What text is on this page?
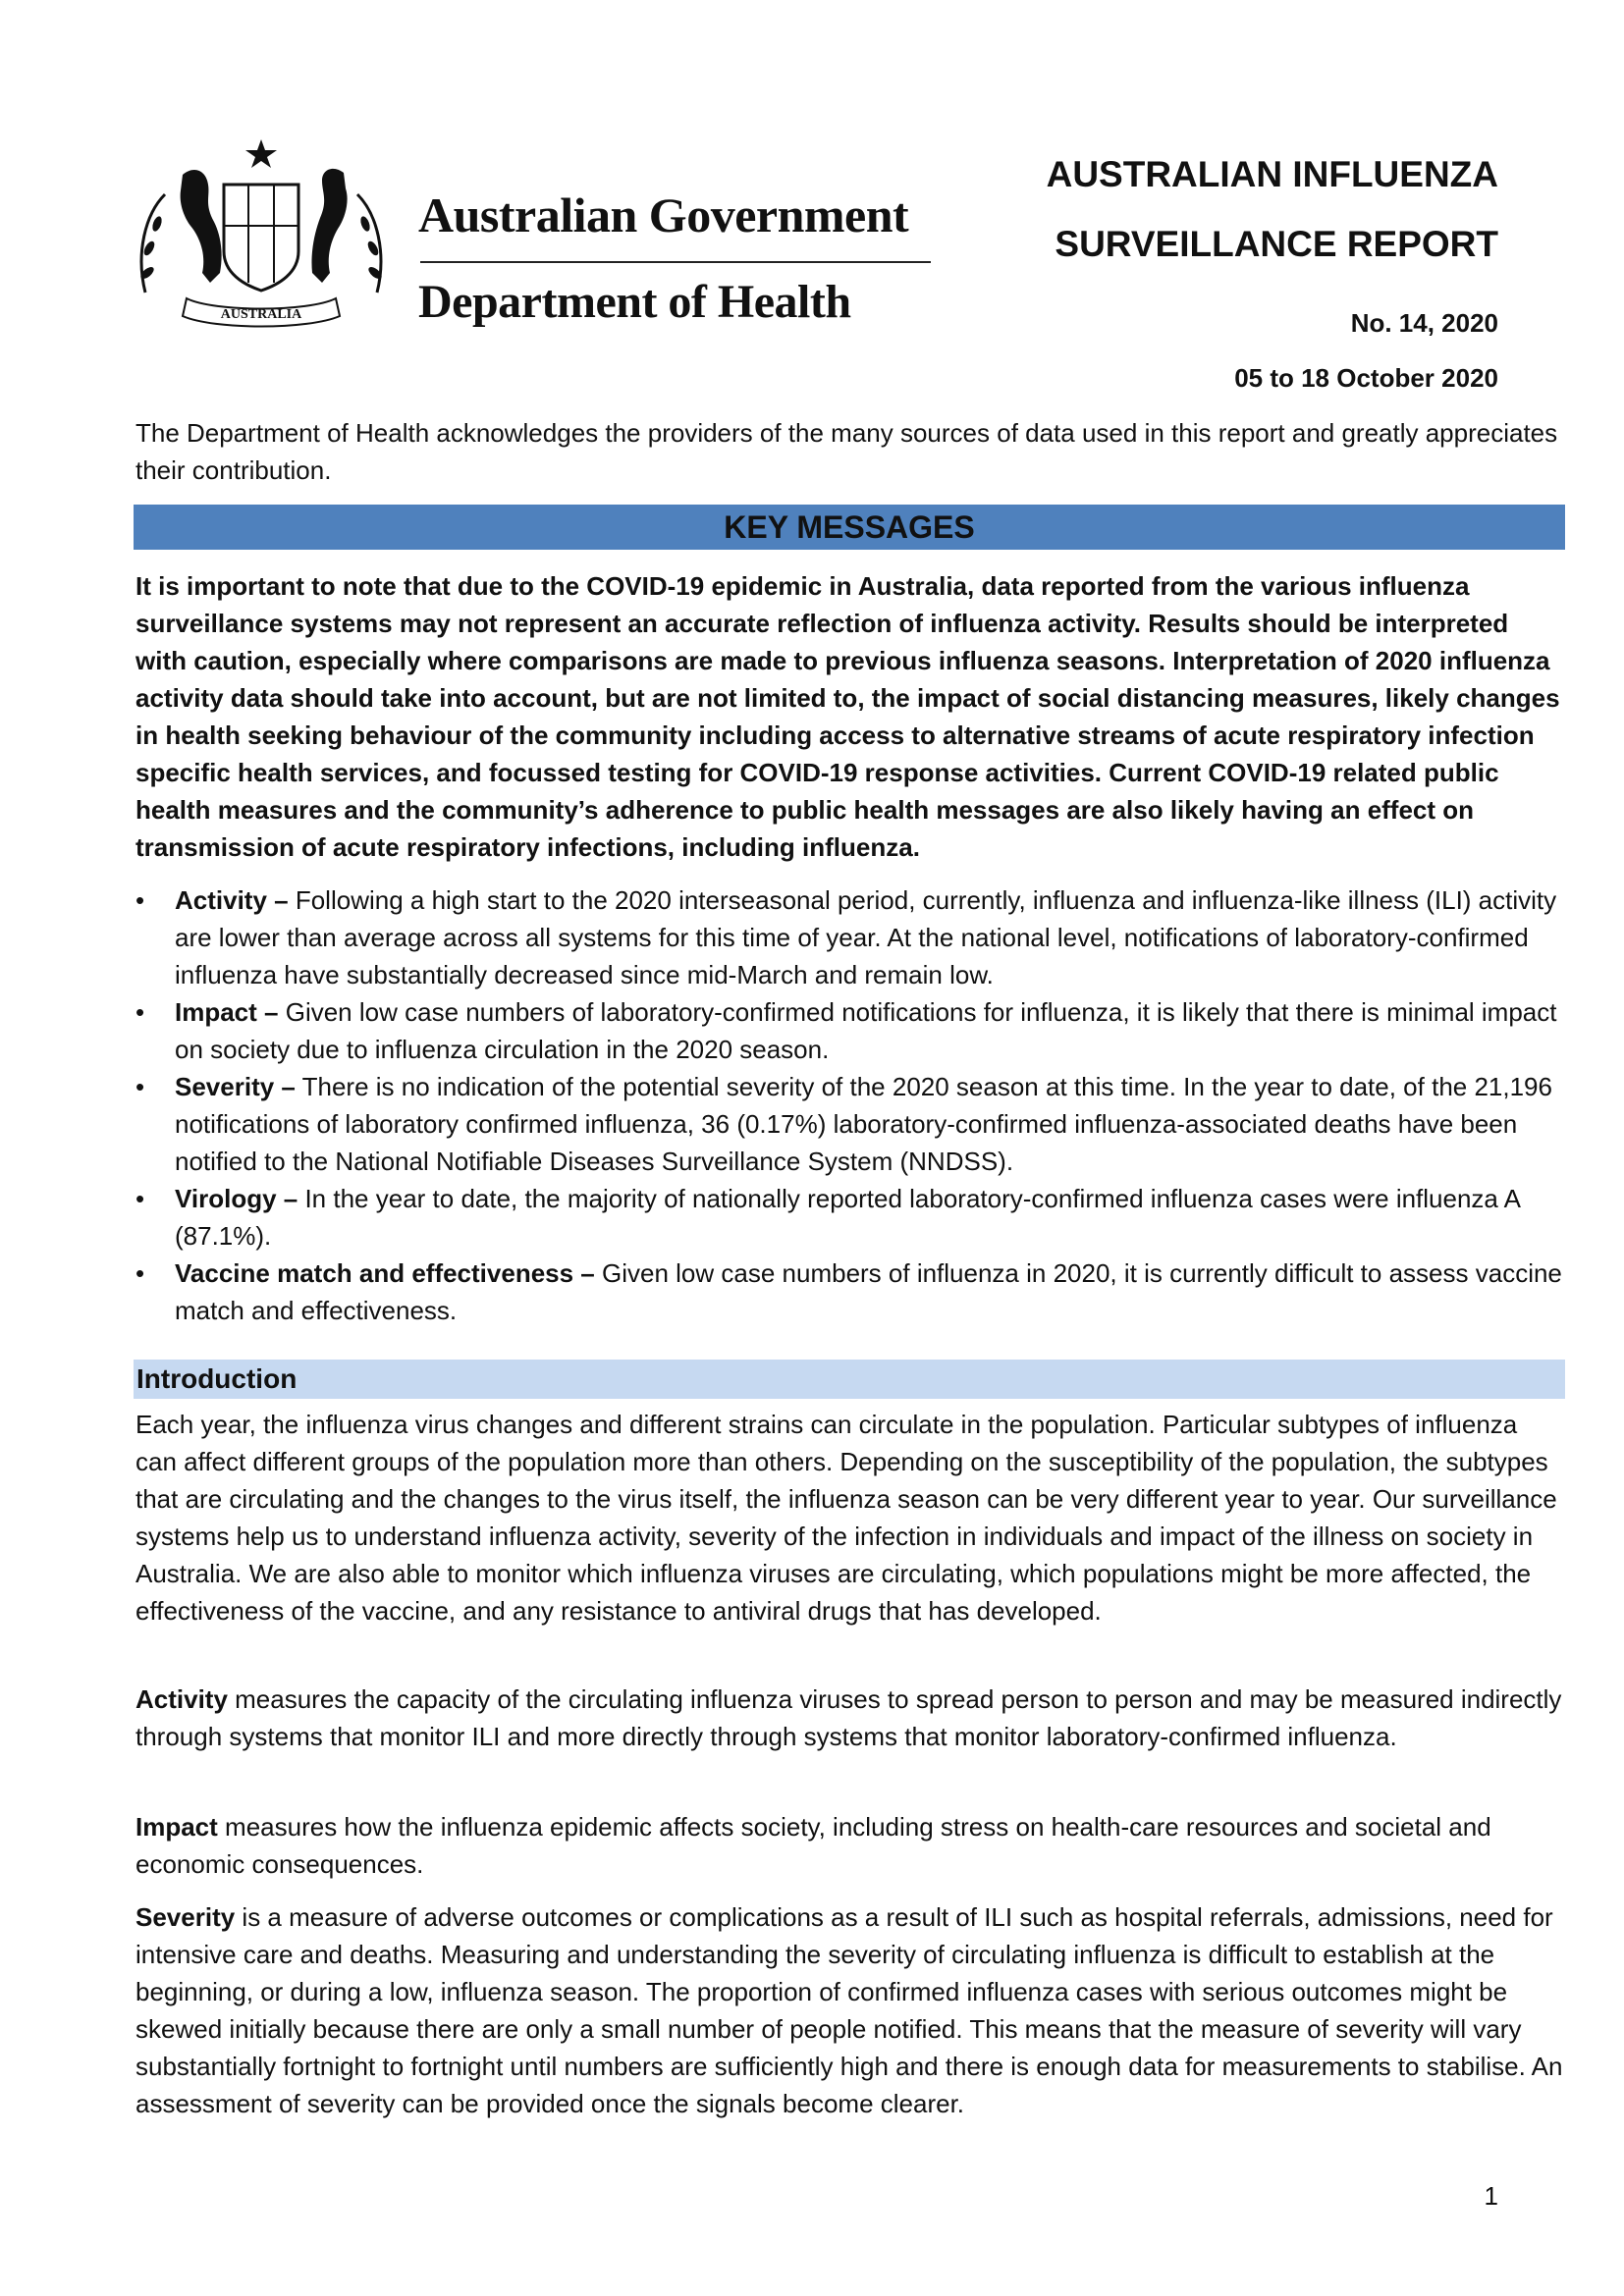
AUSTRALIA
Australian Government
Department of Health
AUSTRALIAN INFLUENZA
SURVEILLANCE REPORT
No. 14, 2020
05 to 18 October 2020
The Department of Health acknowledges the providers of the many sources of data used in this report and greatly appreciates their contribution.
KEY MESSAGES
It is important to note that due to the COVID-19 epidemic in Australia, data reported from the various influenza surveillance systems may not represent an accurate reflection of influenza activity. Results should be interpreted with caution, especially where comparisons are made to previous influenza seasons. Interpretation of 2020 influenza activity data should take into account, but are not limited to, the impact of social distancing measures, likely changes in health seeking behaviour of the community including access to alternative streams of acute respiratory infection specific health services, and focussed testing for COVID-19 response activities. Current COVID-19 related public health measures and the community’s adherence to public health messages are also likely having an effect on transmission of acute respiratory infections, including influenza.
• Activity – Following a high start to the 2020 interseasonal period, currently, influenza and influenza-like illness (ILI) activity are lower than average across all systems for this time of year. At the national level, notifications of laboratory-confirmed influenza have substantially decreased since mid-March and remain low.
• Impact – Given low case numbers of laboratory-confirmed notifications for influenza, it is likely that there is minimal impact on society due to influenza circulation in the 2020 season.
• Severity – There is no indication of the potential severity of the 2020 season at this time. In the year to date, of the 21,196 notifications of laboratory confirmed influenza, 36 (0.17%) laboratory-confirmed influenza-associated deaths have been notified to the National Notifiable Diseases Surveillance System (NNDSS).
• Virology – In the year to date, the majority of nationally reported laboratory-confirmed influenza cases were influenza A (87.1%).
• Vaccine match and effectiveness – Given low case numbers of influenza in 2020, it is currently difficult to assess vaccine match and effectiveness.
Introduction
Each year, the influenza virus changes and different strains can circulate in the population. Particular subtypes of influenza can affect different groups of the population more than others. Depending on the susceptibility of the population, the subtypes that are circulating and the changes to the virus itself, the influenza season can be very different year to year. Our surveillance systems help us to understand influenza activity, severity of the infection in individuals and impact of the illness on society in Australia. We are also able to monitor which influenza viruses are circulating, which populations might be more affected, the effectiveness of the vaccine, and any resistance to antiviral drugs that has developed.
Activity measures the capacity of the circulating influenza viruses to spread person to person and may be measured indirectly through systems that monitor ILI and more directly through systems that monitor laboratory-confirmed influenza.
Impact measures how the influenza epidemic affects society, including stress on health-care resources and societal and economic consequences.
Severity is a measure of adverse outcomes or complications as a result of ILI such as hospital referrals, admissions, need for intensive care and deaths. Measuring and understanding the severity of circulating influenza is difficult to establish at the beginning, or during a low, influenza season. The proportion of confirmed influenza cases with serious outcomes might be skewed initially because there are only a small number of people notified. This means that the measure of severity will vary substantially fortnight to fortnight until numbers are sufficiently high and there is enough data for measurements to stabilise. An assessment of severity can be provided once the signals become clearer.
1
